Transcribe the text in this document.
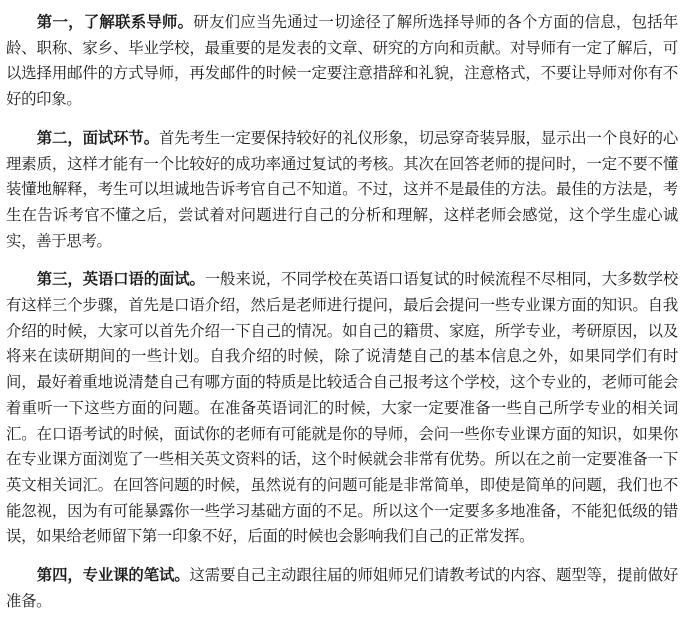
第一，了解联系导师。研友们应当先通过一切途径了解所选择导师的各个方面的信息，包括年龄、职称、家乡、毕业学校，最重要的是发表的文章、研究的方向和贡献。对导师有一定了解后，可以选择用邮件的方式导师，再发邮件的时候一定要注意措辞和礼貌，注意格式，不要让导师对你有不好的印象。

第二，面试环节。首先考生一定要保持较好的礼仪形象，切忌穿奇装异服，显示出一个良好的心理素质，这样才能有一个比较好的成功率通过复试的考核。其次在回答老师的提问时，一定不要不懂装懂地解释，考生可以坦诚地告诉考官自己不知道。不过，这并不是最佳的方法。最佳的方法是，考生在告诉考官不懂之后，尝试着对问题进行自己的分析和理解，这样老师会感觉，这个学生虚心诚实，善于思考。

第三，英语口语的面试。一般来说，不同学校在英语口语复试的时候流程不尽相同，大多数学校有这样三个步骤，首先是口语介绍，然后是老师进行提问，最后会提问一些专业课方面的知识。自我介绍的时候，大家可以首先介绍一下自己的情况。如自己的籍贯、家庭，所学专业，考研原因，以及将来在读研期间的一些计划。自我介绍的时候，除了说清楚自己的基本信息之外，如果同学们有时间，最好着重地说清楚自己有哪方面的特质是比较适合自己报考这个学校，这个专业的，老师可能会着重听一下这些方面的问题。在准备英语词汇的时候，大家一定要准备一些自己所学专业的相关词汇。在口语考试的时候，面试你的老师有可能就是你的导师，会问一些你专业课方面的知识，如果你在专业课方面浏览了一些相关英文资料的话，这个时候就会非常有优势。所以在之前一定要准备一下英文相关词汇。在回答问题的时候，虽然说有的问题可能是非常简单，即使是简单的问题，我们也不能忽视，因为有可能暴露你一些学习基础方面的不足。所以这个一定要多多地准备，不能犯低级的错误，如果给老师留下第一印象不好，后面的时候也会影响我们自己的正常发挥。

第四，专业课的笔试。这需要自己主动跟往届的师姐师兄们请教考试的内容、题型等，提前做好准备。
